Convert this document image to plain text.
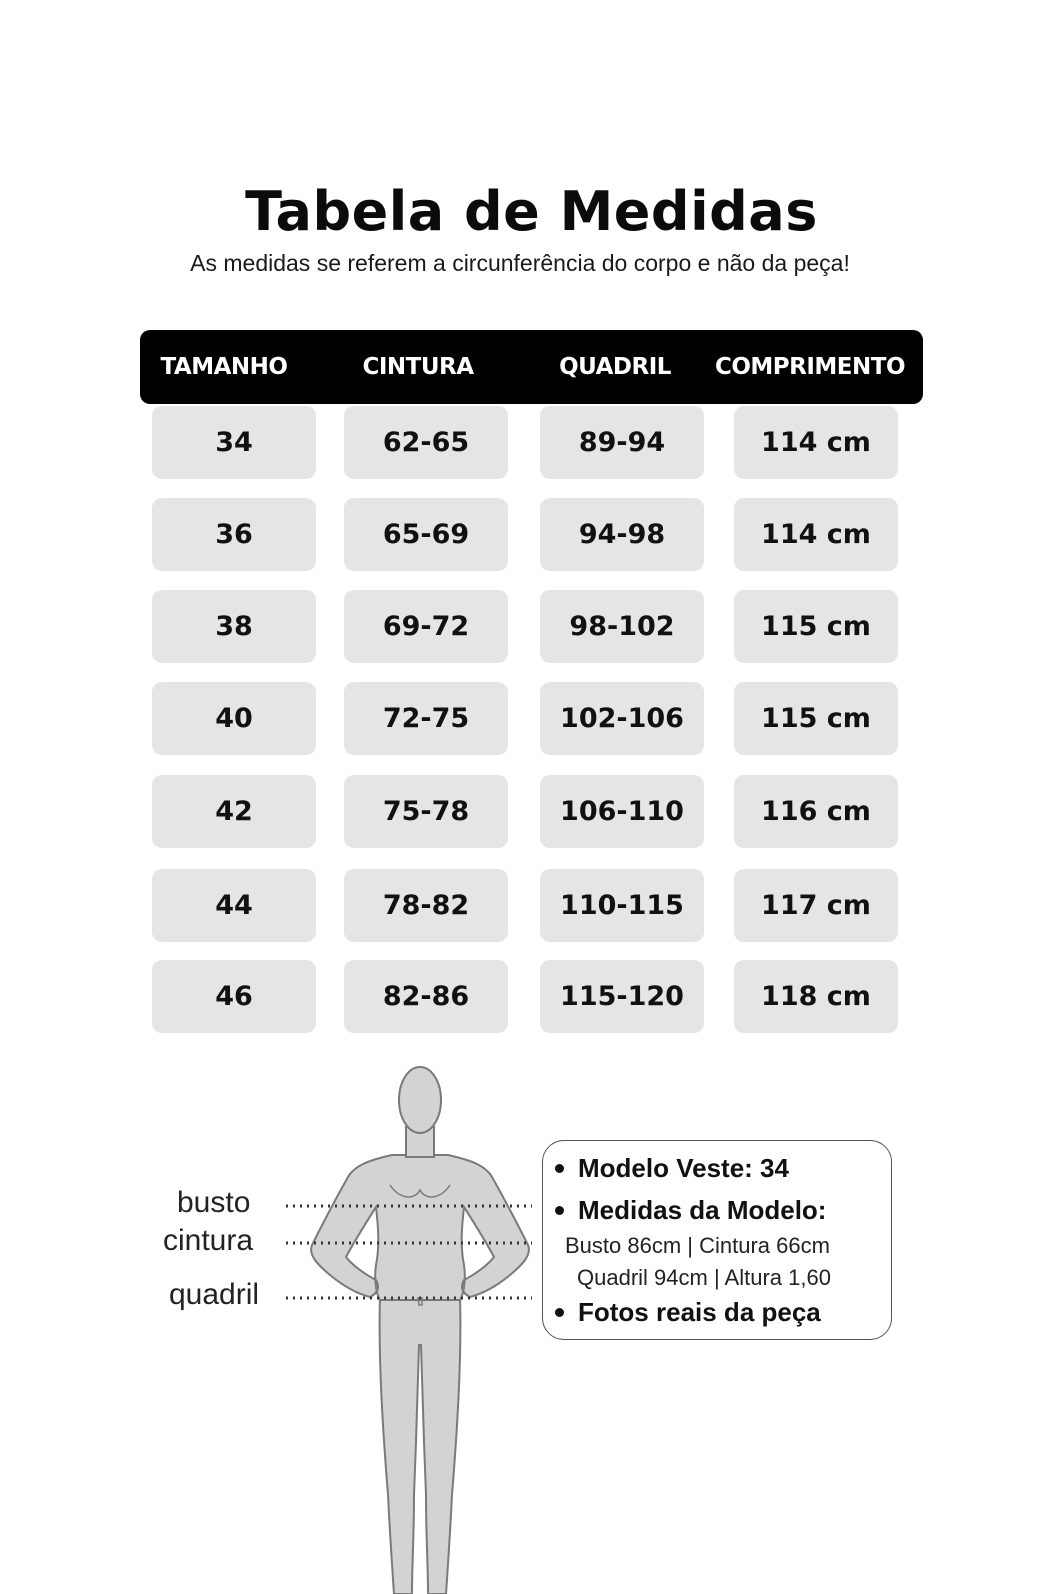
Tabela de Medidas
As medidas se referem a circunferência do corpo e não da peça!
TAMANHO	CINTURA	QUADRIL	COMPRIMENTO
34	62-65	89-94	114 cm
36	65-69	94-98	114 cm
38	69-72	98-102	115 cm
40	72-75	102-106	115 cm
42	75-78	106-110	116 cm
44	78-82	110-115	117 cm
46	82-86	115-120	118 cm
busto
cintura
quadril
Modelo Veste: 34
Medidas da Modelo:
Busto 86cm | Cintura 66cm
Quadril 94cm | Altura 1,60
Fotos reais da peça
